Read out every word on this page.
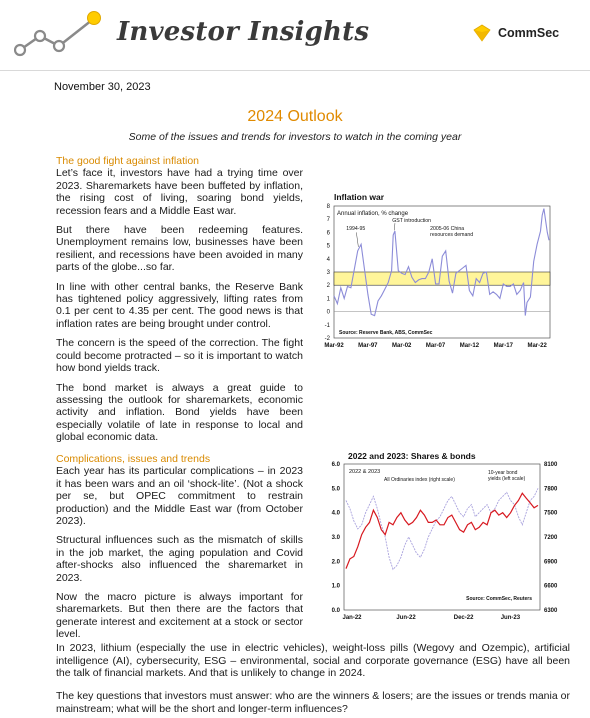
Investor Insights	CommSec
November 30, 2023
2024 Outlook
Some of the issues and trends for investors to watch in the coming year
The good fight against inflation

Let’s face it, investors have had a trying time over 2023. Sharemarkets have been buffeted by inflation, the rising cost of living, soaring bond yields, recession fears and a Middle East war.

But there have been redeeming features. Unemployment remains low, businesses have been resilient, and recessions have been avoided in many parts of the globe...so far.

In line with other central banks, the Reserve Bank has tightened policy aggressively, lifting rates from 0.1 per cent to 4.35 per cent. The good news is that inflation rates are being brought under control.

The concern is the speed of the correction. The fight could become protracted – so it is important to watch how bond yields track.

The bond market is always a great guide to assessing the outlook for sharemarkets, economic activity and inflation. Bond yields have been especially volatile of late in response to local and global economic data.

Complications, issues and trends

Each year has its particular complications – in 2023 it has been wars and an oil ‘shock-lite’. (Not a shock per se, but OPEC commitment to restrain production) and the Middle East war (from October 2023).

Structural influences such as the mismatch of skills in the job market, the aging population and Covid after-shocks also influenced the sharemarket in 2023.

Now the macro picture is always important for sharemarkets. But then there are the factors that generate interest and excitement at a stock or sector level.

Inflation war
-2
-1
0
1
2
3
4
5
6
7
8
Mar-92 Mar-97 Mar-02 Mar-07 Mar-12 Mar-17 Mar-22
Annual inflation, % change
1994-95
GST introduction
2005-06 China resources demand
Source: Reserve Bank, ABS, CommSec
2022 and 2023: Shares & bonds
2022 & 2023
0.0
1.0
2.0
3.0
4.0
5.0
6.0
6300
6600
6900
7200
7500
7800
8100
Jan-22	Jun-22	Dec-22	Jun-23
All Ordinaries index (right scale)
10-year bond yields (left scale)
Source: CommSec, Reuters
In 2023, lithium (especially the use in electric vehicles), weight-loss pills (Wegovy and Ozempic), artificial intelligence (AI), cybersecurity, ESG – environmental, social and corporate governance (ESG) have all been the talk of financial markets. And that is unlikely to change in 2024.
The key questions that investors must answer: who are the winners & losers; are the issues or trends mania or mainstream; what will be the short and longer-term influences?
